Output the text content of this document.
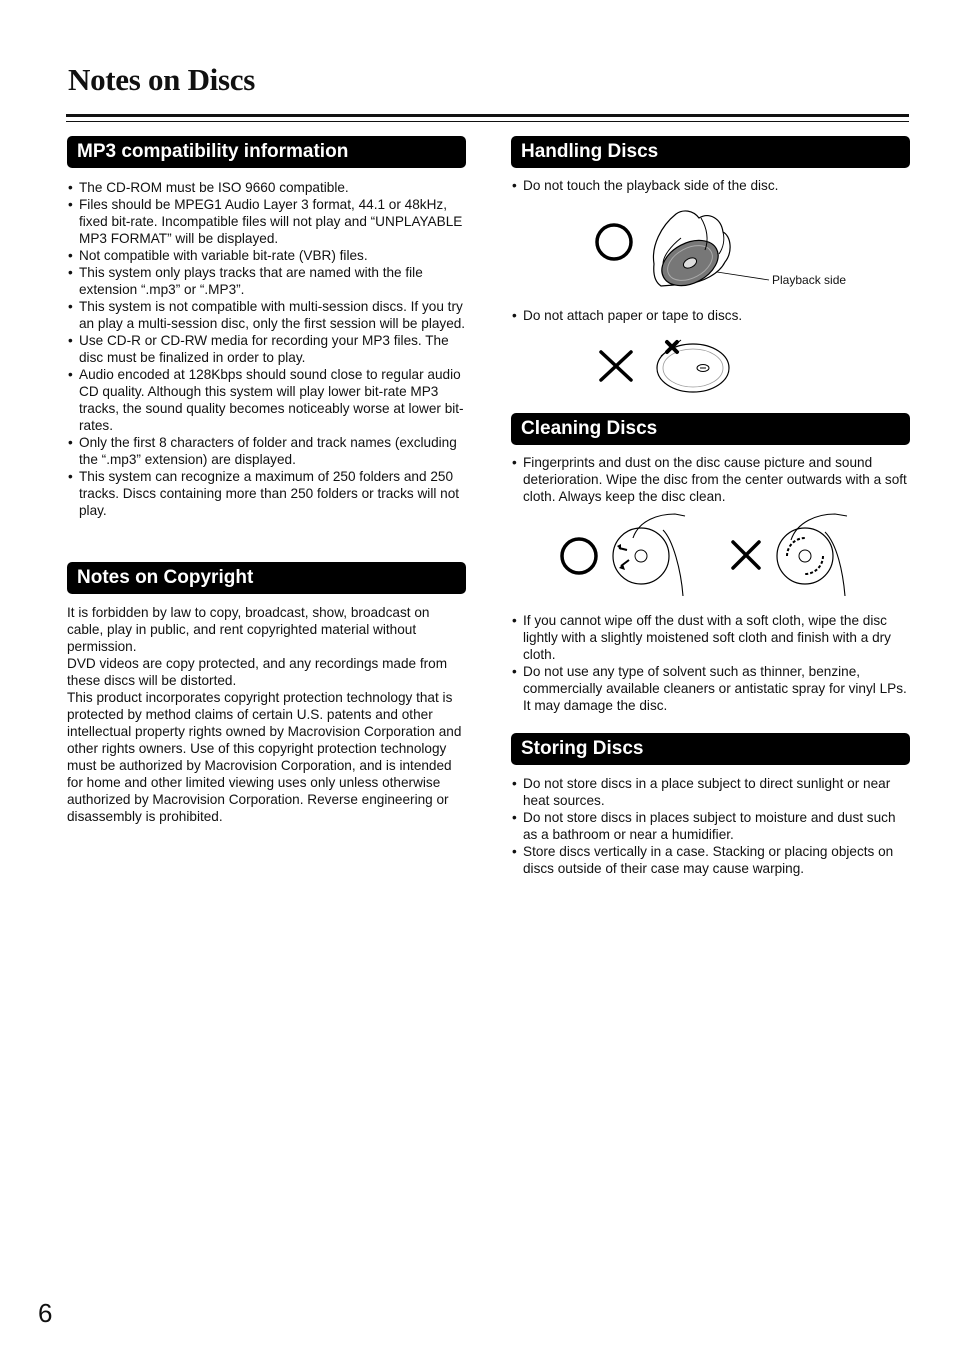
Notes on Discs
MP3 compatibility information
• The CD-ROM must be ISO 9660 compatible.
• Files should be MPEG1 Audio Layer 3 format, 44.1 or 48kHz, fixed bit-rate. Incompatible files will not play and “UNPLAYABLE MP3 FORMAT” will be displayed.
• Not compatible with variable bit-rate (VBR) files.
• This system only plays tracks that are named with the file extension “.mp3” or “.MP3”.
• This system is not compatible with multi-session discs. If you try an play a multi-session disc, only the first session will be played.
• Use CD-R or CD-RW media for recording your MP3 files. The disc must be finalized in order to play.
• Audio encoded at 128Kbps should sound close to regular audio CD quality. Although this system will play lower bit-rate MP3 tracks, the sound quality becomes noticeably worse at lower bit-rates.
• Only the first 8 characters of folder and track names (excluding the “.mp3” extension) are displayed.
• This system can recognize a maximum of 250 folders and 250 tracks. Discs containing more than 250 folders or tracks will not play.
Notes on Copyright

It is forbidden by law to copy, broadcast, show, broadcast on cable, play in public, and rent copyrighted material without permission.

DVD videos are copy protected, and any recordings made from these discs will be distorted.

This product incorporates copyright protection technology that is protected by method claims of certain U.S. patents and other intellectual property rights owned by Macrovision Corporation and other rights owners. Use of this copyright protection technology must be authorized by Macrovision Corporation, and is intended for home and other limited viewing uses only unless otherwise authorized by Macrovision Corporation. Reverse engineering or disassembly is prohibited.

Handling Discs
• Do not touch the playback side of the disc.
Playback side
• Do not attach paper or tape to discs.
Cleaning Discs
• Fingerprints and dust on the disc cause picture and sound deterioration. Wipe the disc from the center outwards with a soft cloth. Always keep the disc clean.
• If you cannot wipe off the dust with a soft cloth, wipe the disc lightly with a slightly moistened soft cloth and finish with a dry cloth.
• Do not use any type of solvent such as thinner, benzine, commercially available cleaners or antistatic spray for vinyl LPs. It may damage the disc.
Storing Discs
• Do not store discs in a place subject to direct sunlight or near heat sources.
• Do not store discs in places subject to moisture and dust such as a bathroom or near a humidifier.
• Store discs vertically in a case. Stacking or placing objects on discs outside of their case may cause warping.
6
